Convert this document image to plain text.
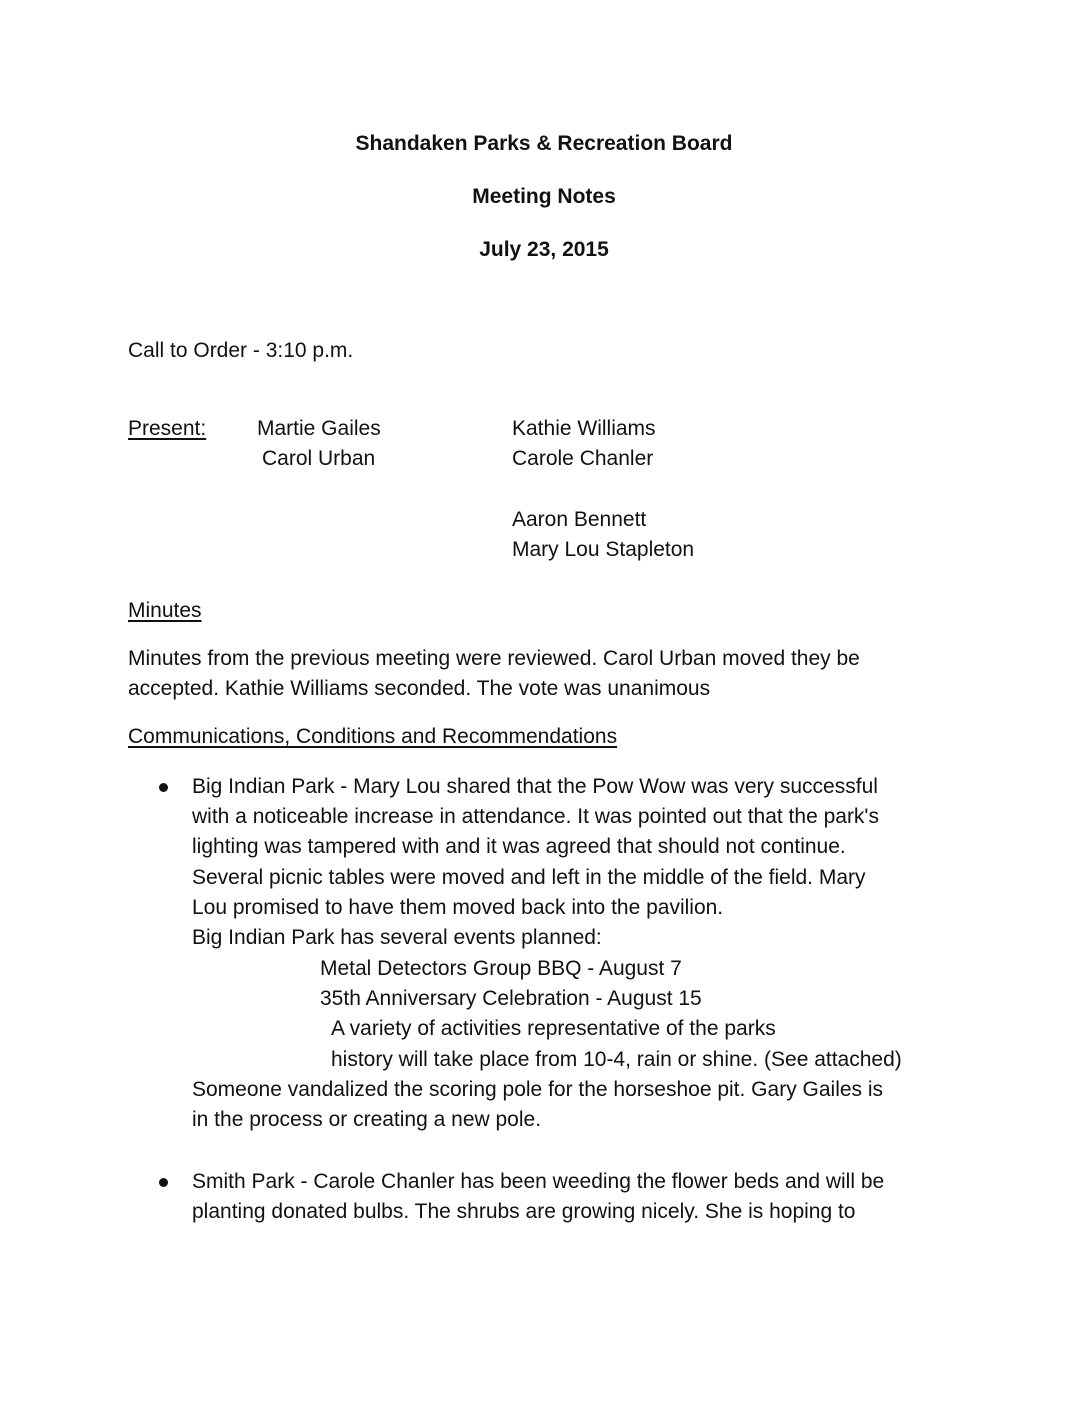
Shandaken Parks & Recreation Board
Meeting Notes
July 23, 2015
Call to Order - 3:10 p.m.
Present: Martie Gailes
Carol Urban
Kathie Williams
Carole Chanler
Aaron Bennett
Mary Lou Stapleton
Minutes
Minutes from the previous meeting were reviewed. Carol Urban moved they be
accepted. Kathie Williams seconded. The vote was unanimous
Communications, Conditions and Recommendations
Big Indian Park - Mary Lou shared that the Pow Wow was very successful
with a noticeable increase in attendance. It was pointed out that the park's
lighting was tampered with and it was agreed that should not continue.
Several picnic tables were moved and left in the middle of the field. Mary
Lou promised to have them moved back into the pavilion.
Big Indian Park has several events planned:
Metal Detectors Group BBQ - August 7
35th Anniversary Celebration - August 15
A variety of activities representative of the parks
history will take place from 10-4, rain or shine. (See attached)
Someone vandalized the scoring pole for the horseshoe pit. Gary Gailes is
in the process or creating a new pole.
Smith Park - Carole Chanler has been weeding the flower beds and will be
planting donated bulbs. The shrubs are growing nicely. She is hoping to
